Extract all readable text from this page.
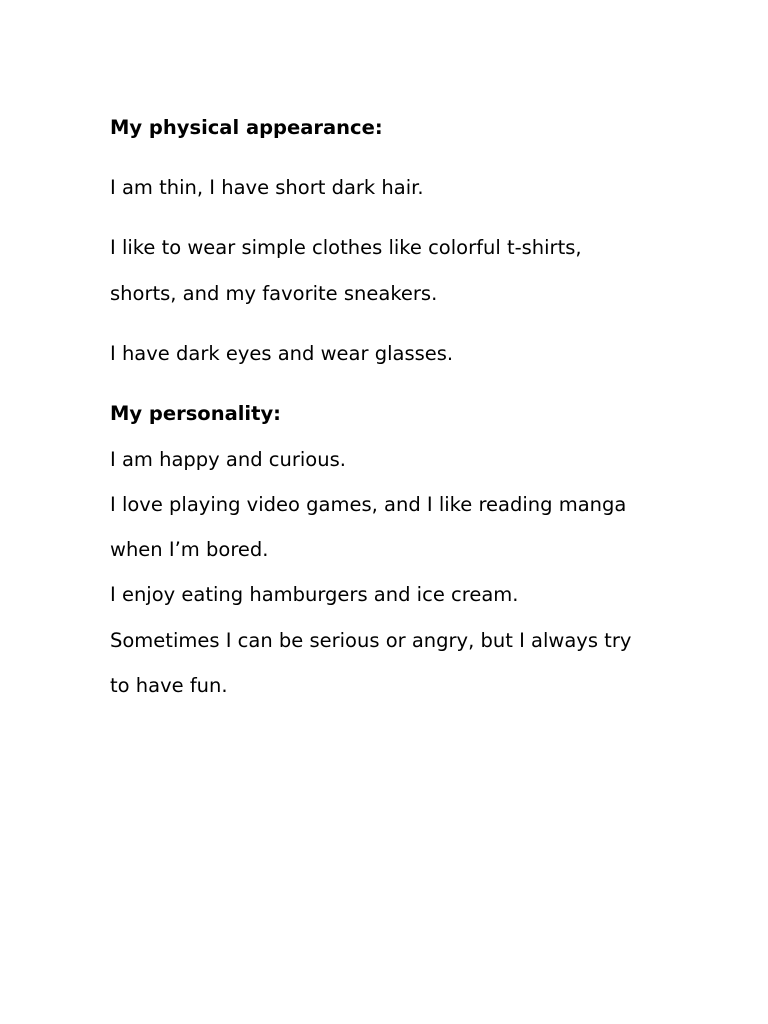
My physical appearance:
I am thin, I have short dark hair.
I like to wear simple clothes like colorful t-shirts,
shorts, and my favorite sneakers.
I have dark eyes and wear glasses.
My personality:
I am happy and curious.
I love playing video games, and I like reading manga
when I’m bored.
I enjoy eating hamburgers and ice cream.
Sometimes I can be serious or angry, but I always try
to have fun.
